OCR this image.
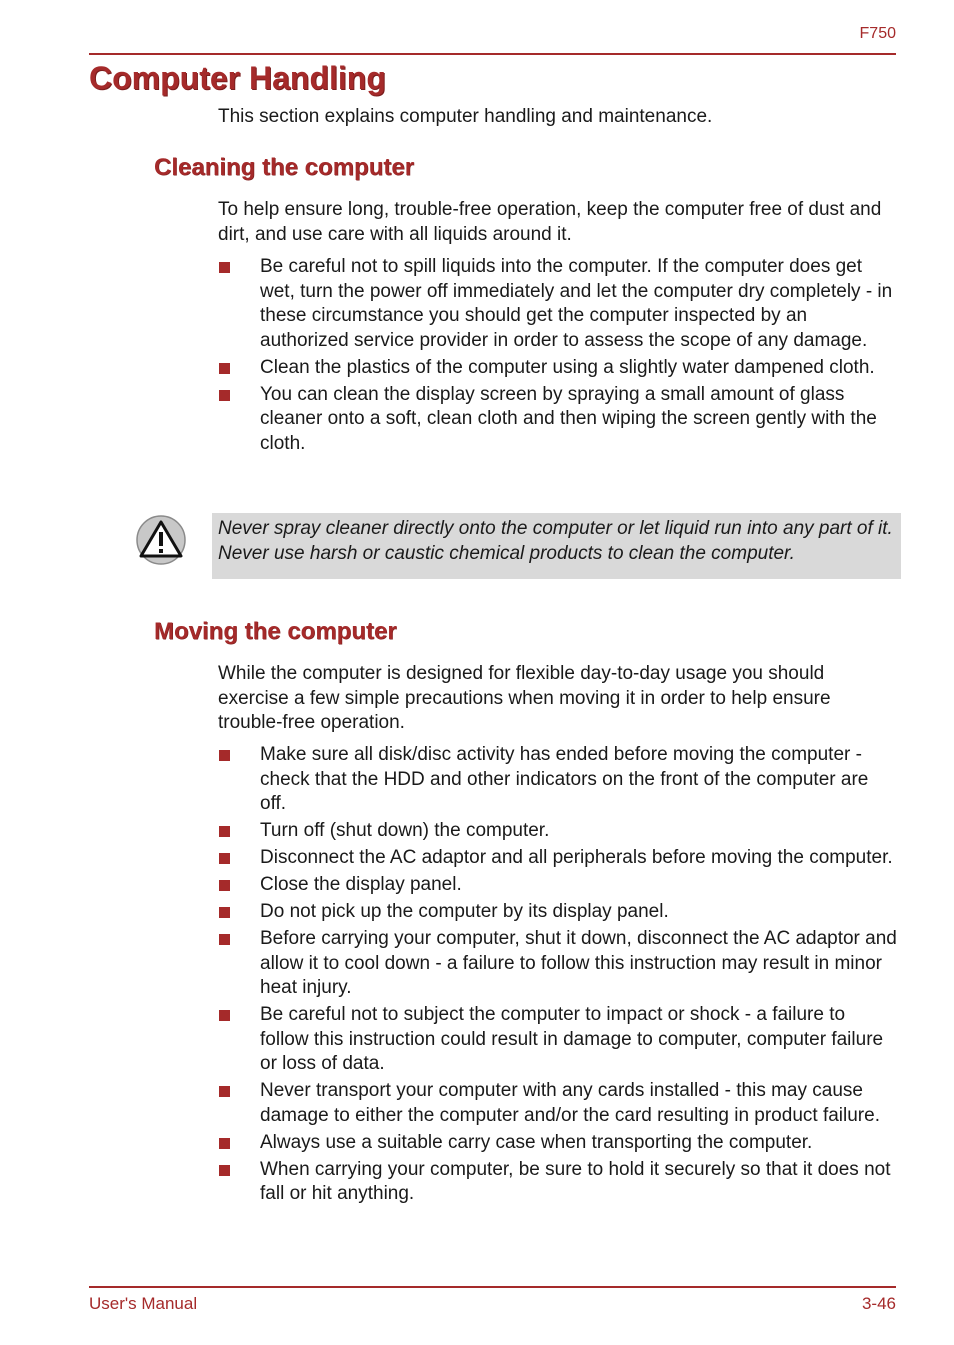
F750
Computer Handling

This section explains computer handling and maintenance.

Cleaning the computer

To help ensure long, trouble-free operation, keep the computer free of dust and dirt, and use care with all liquids around it.

Be careful not to spill liquids into the computer. If the computer does get wet, turn the power off immediately and let the computer dry completely - in these circumstance you should get the computer inspected by an authorized service provider in order to assess the scope of any damage.
Clean the plastics of the computer using a slightly water dampened cloth.
You can clean the display screen by spraying a small amount of glass cleaner onto a soft, clean cloth and then wiping the screen gently with the cloth.

Never spray cleaner directly onto the computer or let liquid run into any part of it. Never use harsh or caustic chemical products to clean the computer.

Moving the computer

While the computer is designed for flexible day-to-day usage you should exercise a few simple precautions when moving it in order to help ensure trouble-free operation.

Make sure all disk/disc activity has ended before moving the computer - check that the HDD and other indicators on the front of the computer are off.
Turn off (shut down) the computer.
Disconnect the AC adaptor and all peripherals before moving the computer.
Close the display panel.
Do not pick up the computer by its display panel.
Before carrying your computer, shut it down, disconnect the AC adaptor and allow it to cool down - a failure to follow this instruction may result in minor heat injury.
Be careful not to subject the computer to impact or shock - a failure to follow this instruction could result in damage to computer, computer failure or loss of data.
Never transport your computer with any cards installed - this may cause damage to either the computer and/or the card resulting in product failure.
Always use a suitable carry case when transporting the computer.
When carrying your computer, be sure to hold it securely so that it does not fall or hit anything.
User's Manual	3-46
